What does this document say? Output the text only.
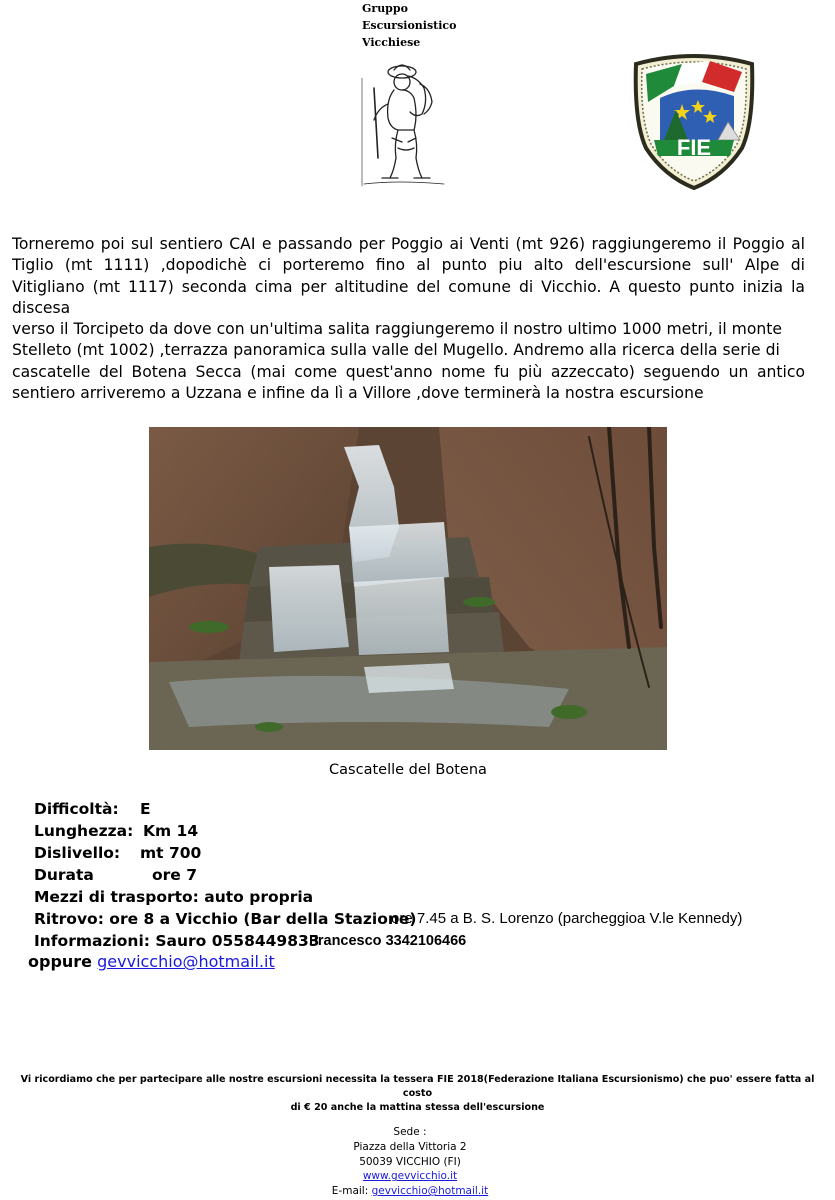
Gruppo
Escursionistico
Vicchiese
FIE
Torneremo poi sul sentiero CAI e passando per Poggio ai Venti (mt 926) raggiungeremo il Poggio al
Tiglio (mt 1111) ,dopodichè ci porteremo fino al punto piu alto dell'escursione sull' Alpe di
Vitigliano (mt 1117) seconda cima per altitudine del comune di Vicchio. A questo punto inizia la
discesa
verso il Torcipeto da dove con un'ultima salita raggiungeremo il nostro ultimo 1000 metri, il monte
Stelleto (mt 1002) ,terrazza panoramica sulla valle del Mugello. Andremo alla ricerca della serie di
cascatelle del Botena Secca (mai come quest'anno nome fu più azzeccato) seguendo un antico
sentiero arriveremo a Uzzana e infine da lì a Villore ,dove terminerà la nostra escursione
Cascatelle del Botena
Difficoltà: E
Lunghezza: Km 14
Dislivello: mt 700
Durata	ore 7
Mezzi di trasporto: auto propria
Ritrovo: ore 8 a Vicchio (Bar della Stazione)
ore 7.45 a B. S. Lorenzo (parcheggioa V.le Kennedy)
Informazioni: Sauro 0558449833
Francesco 3342106466
oppure gevvicchio@hotmail.it
Vi ricordiamo che per partecipare alle nostre escursioni necessita la tessera FIE 2018(Federazione Italiana Escursionismo) che puo' essere fatta al costo
di € 20 anche la mattina stessa dell'escursione
Sede :
Piazza della Vittoria 2
50039 VICCHIO (FI)
www.gevvicchio.it
E-mail: gevvicchio@hotmail.it
